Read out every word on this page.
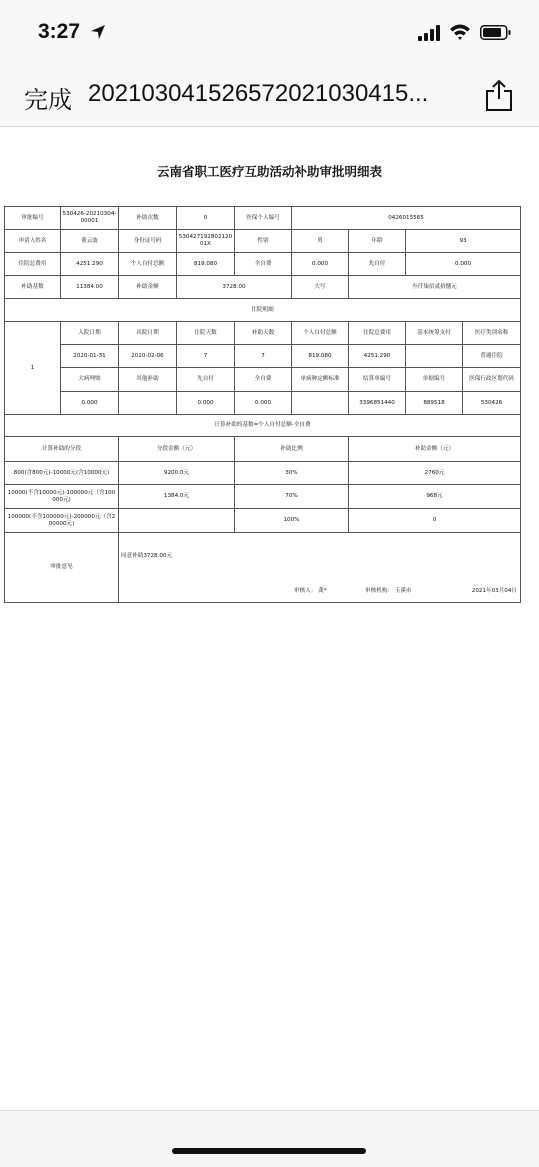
3:27
完成 202103041526572021030415...
云南省职工医疗互助活动补助审批明细表
审批编号	530426-20210304-00001	补助次数	0	医保个人编号	0426015565			
申请人姓名	董云波	身份证号码	53042719280212001X	性别	男	年龄	93	
住院总费用	4251.290	个人自付总额	819.080	全自费	0.000	先自付	0.000	
补助基数	11384.00	补助金额	3728.00		大写	叁仟柒佰贰拾捌元		
住院明细								
1	入院日期	出院日期	住院天数	补助天数	个人自付总额	住院总费用	基本统筹支付	医疗类别名称
	2020-01-31	2020-02-06	7	7	819.080	4251.290		普通住院
	大病理赔	其他补助	先自付	全自费	单病种定额标准	结算单编号	单据编号	医保行政区划代码
	0.000		0.000	0.000		3396851440	889518	530426
计算补助的基数=个人自付总额-全自费								
计算补助的分段		分段金额（元）		补助比例		补助金额（元）		
800(含800元)-10000元(含10000元)		9200.0元		30%		2760元		
10000(不含10000元)-100000元（含100000元)		1384.0元		70%		968元		
100000(不含100000元)-200000元（含200000元)				100%		0		
审批意见		同意补助3728.00元
审核人： 龚* 审核机构： 玉溪市 2021年03月04日						
